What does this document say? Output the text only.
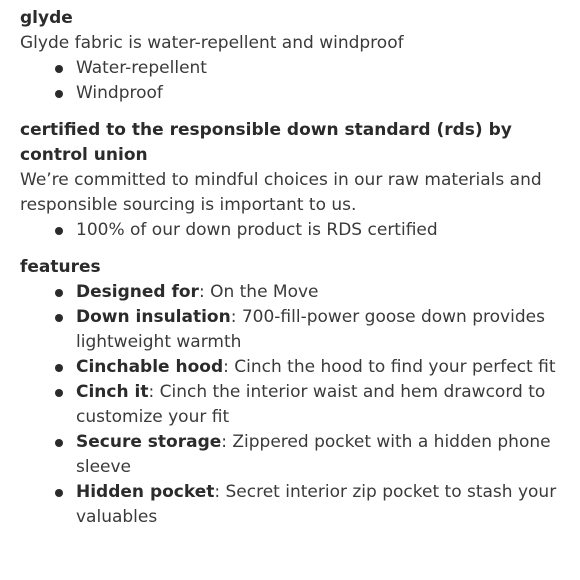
glyde

Glyde fabric is water-repellent and windproof

Water-repellent
Windproof
certified to the responsible down standard (rds) by control union

We’re committed to mindful choices in our raw materials and responsible sourcing is important to us.

100% of our down product is RDS certified
features
Designed for: On the Move
Down insulation: 700-fill-power goose down provides lightweight warmth
Cinchable hood: Cinch the hood to find your perfect fit
Cinch it: Cinch the interior waist and hem drawcord to customize your fit
Secure storage: Zippered pocket with a hidden phone sleeve
Hidden pocket: Secret interior zip pocket to stash your valuables
